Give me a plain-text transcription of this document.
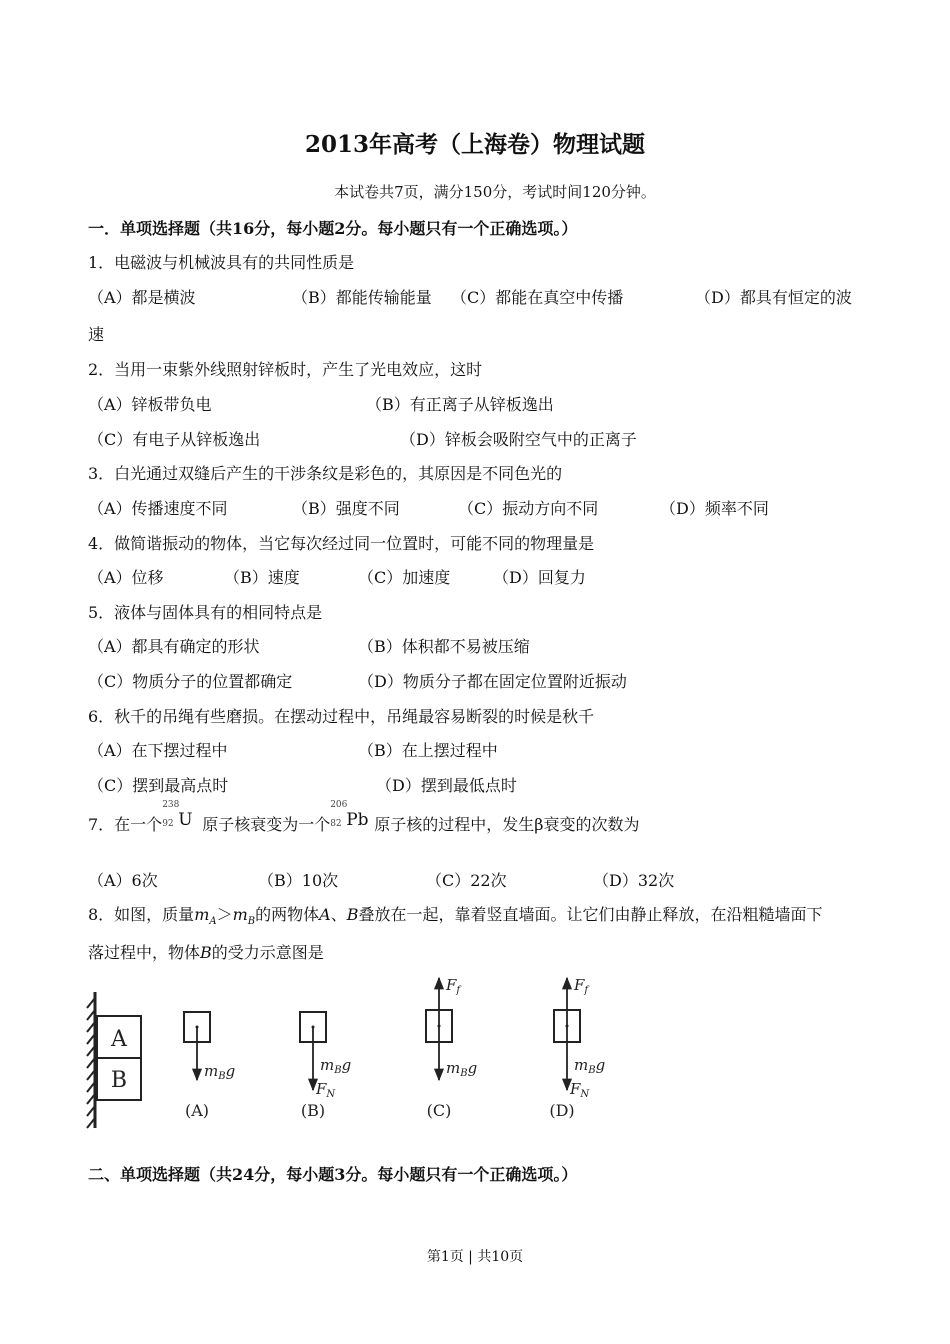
2013年高考（上海卷）物理试题
本试卷共7页，满分150分，考试时间120分钟。
一．单项选择题（共16分，每小题2分。每小题只有一个正确选项。）
1．电磁波与机械波具有的共同性质是
（A）都是横波	（B）都能传输能量 （C）都能在真空中传播	（D）都具有恒定的波
速
2．当用一束紫外线照射锌板时，产生了光电效应，这时
（A）锌板带负电	（B）有正离子从锌板逸出
（C）有电子从锌板逸出	（D）锌板会吸附空气中的正离子
3．白光通过双缝后产生的干涉条纹是彩色的，其原因是不同色光的
（A）传播速度不同	（B）强度不同	（C）振动方向不同	（D）频率不同
4．做简谐振动的物体，当它每次经过同一位置时，可能不同的物理量是
（A）位移	（B）速度	（C）加速度	（D）回复力
5．液体与固体具有的相同特点是
（A）都具有确定的形状	（B）体积都不易被压缩
（C）物质分子的位置都确定	（D）物质分子都在固定位置附近振动
6．秋千的吊绳有些磨损。在摆动过程中，吊绳最容易断裂的时候是秋千
（A）在下摆过程中	（B）在上摆过程中
（C）摆到最高点时	（D）摆到最低点时
7．在一个
238
92 U 原子核衰变为一个
206
82 Pb 原子核的过程中，发生β衰变的次数为
（A）6次	（B）10次	（C）22次	（D）32次
8．如图，质量$m_A>m_B$的两物体A、B叠放在一起，靠着竖直墙面。让它们由静止释放，在沿粗糙墙面下
落过程中，物体B的受力示意图是
A
B	$m_Bg$
(A)
$m_Bg$
$F_N$
(B)
$F_f$
$m_Bg$
(C)
$F_f$
$m_Bg$
$F_N$
(D)
二、单项选择题（共24分，每小题3分。每小题只有一个正确选项。）
第1页 | 共10页
